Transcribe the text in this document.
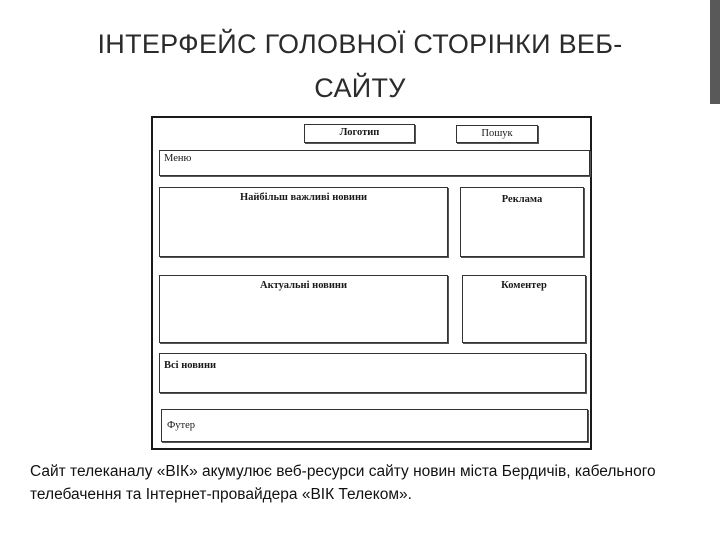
ІНТЕРФЕЙС ГОЛОВНОЇ СТОРІНКИ ВЕБ-
САЙТУ
Логотип	Пошук
Меню
Найбільш важливі новини	Реклама
Актуальні новини	Коментер
Всі новини
Футер

Сайт телеканалу «ВІК» акумулює веб-ресурси сайту новин міста Бердичів, кабельного телебачення та Інтернет-провайдера «ВІК Телеком».
